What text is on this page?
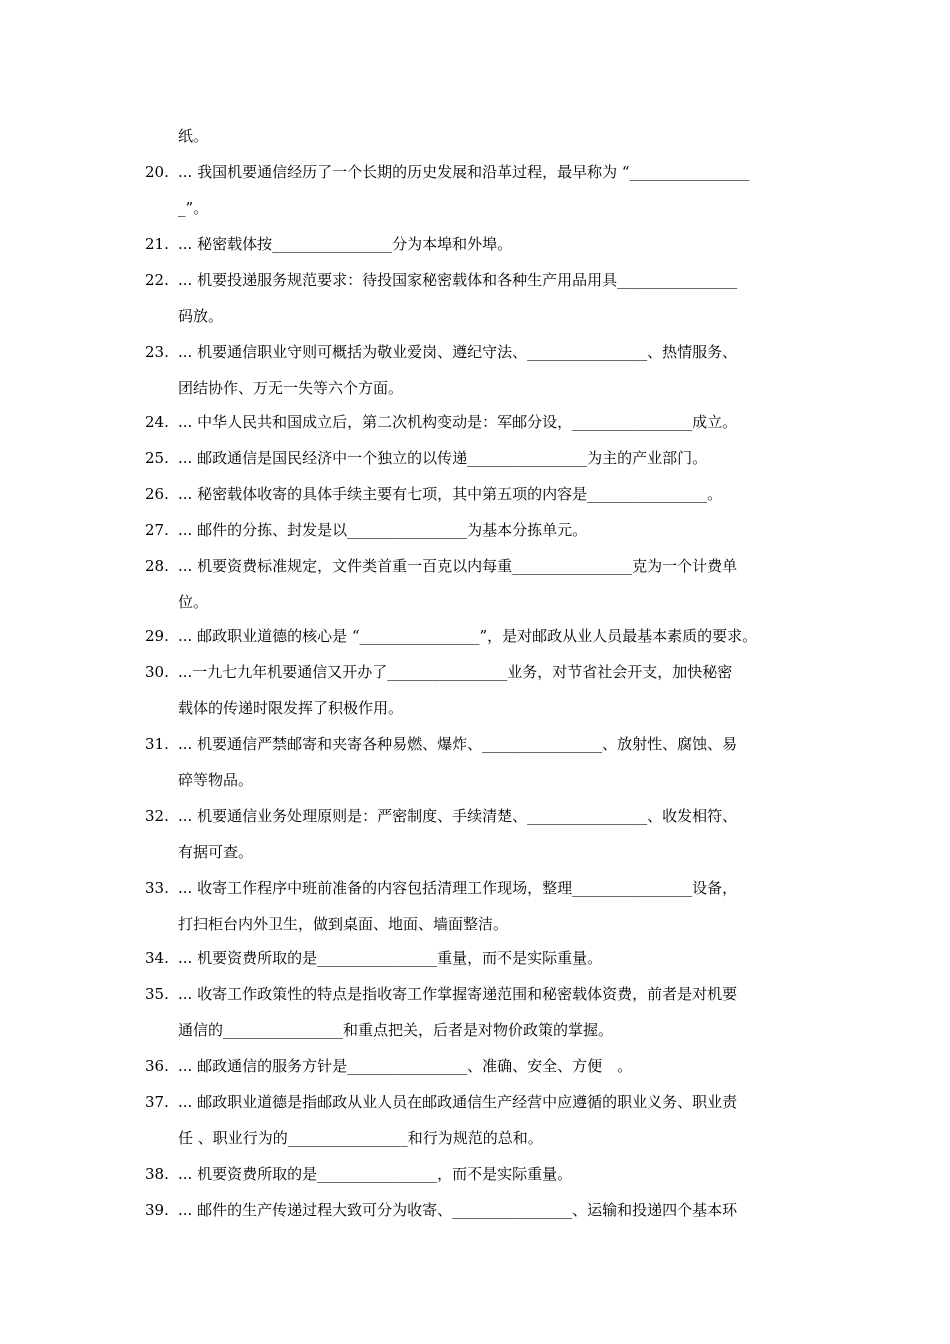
纸。
20. ... 我国机要通信经历了一个长期的历史发展和沿革过程，最早称为 “________________
_”。
21. ... 秘密载体按________________分为本埠和外埠。
22. ... 机要投递服务规范要求：待投国家秘密载体和各种生产用品用具________________
码放。
23. ... 机要通信职业守则可概括为敬业爱岗、遵纪守法、________________、热情服务、
团结协作、万无一失等六个方面。
24. ... 中华人民共和国成立后，第二次机构变动是：军邮分设，________________成立。
25. ... 邮政通信是国民经济中一个独立的以传递________________为主的产业部门。
26. ... 秘密载体收寄的具体手续主要有七项，其中第五项的内容是________________。
27. ... 邮件的分拣、封发是以________________为基本分拣单元。
28. ... 机要资费标准规定，文件类首重一百克以内每重________________克为一个计费单
位。
29. ... 邮政职业道德的核心是 “________________”，是对邮政从业人员最基本素质的要求。
30. ...一九七九年机要通信又开办了________________业务，对节省社会开支，加快秘密
载体的传递时限发挥了积极作用。
31. ... 机要通信严禁邮寄和夹寄各种易燃、爆炸、________________、放射性、腐蚀、易
碎等物品。
32. ... 机要通信业务处理原则是：严密制度、手续清楚、________________、收发相符、
有据可查。
33. ... 收寄工作程序中班前准备的内容包括清理工作现场，整理________________设备，
打扫柜台内外卫生，做到桌面、地面、墙面整洁。
34. ... 机要资费所取的是________________重量，而不是实际重量。
35. ... 收寄工作政策性的特点是指收寄工作掌握寄递范围和秘密载体资费，前者是对机要
通信的________________和重点把关，后者是对物价政策的掌握。
36. ... 邮政通信的服务方针是________________、准确、安全、方便　。
37. ... 邮政职业道德是指邮政从业人员在邮政通信生产经营中应遵循的职业义务、职业责
任 、职业行为的________________和行为规范的总和。
38. ... 机要资费所取的是________________，而不是实际重量。
39. ... 邮件的生产传递过程大致可分为收寄、________________、运输和投递四个基本环
